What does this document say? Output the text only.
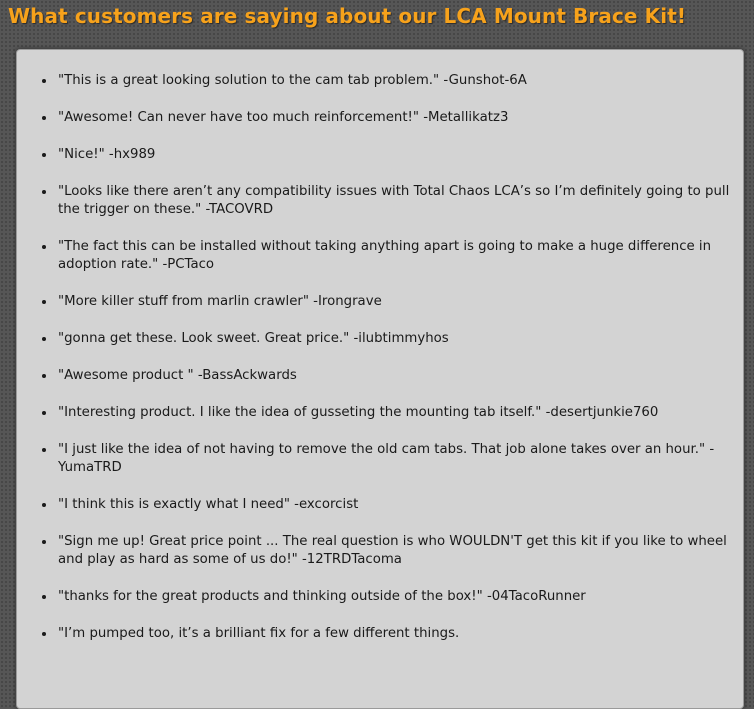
What customers are saying about our LCA Mount Brace Kit!
• "This is a great looking solution to the cam tab problem." -Gunshot-6A
• "Awesome! Can never have too much reinforcement!" -Metallikatz3
• "Nice!" -hx989
• "Looks like there aren’t any compatibility issues with Total Chaos LCA’s so I’m definitely going to pull the trigger on these." -TACOVRD
• "The fact this can be installed without taking anything apart is going to make a huge difference in adoption rate." -PCTaco
• "More killer stuff from marlin crawler" -Irongrave
• "gonna get these. Look sweet. Great price." -ilubtimmyhos
• "Awesome product " -BassAckwards
• "Interesting product. I like the idea of gusseting the mounting tab itself." -desertjunkie760
• "I just like the idea of not having to remove the old cam tabs. That job alone takes over an hour." -YumaTRD
• "I think this is exactly what I need" -excorcist
• "Sign me up! Great price point ... The real question is who WOULDN'T get this kit if you like to wheel and play as hard as some of us do!" -12TRDTacoma
• "thanks for the great products and thinking outside of the box!" -04TacoRunner
• "I’m pumped too, it’s a brilliant fix for a few different things.
